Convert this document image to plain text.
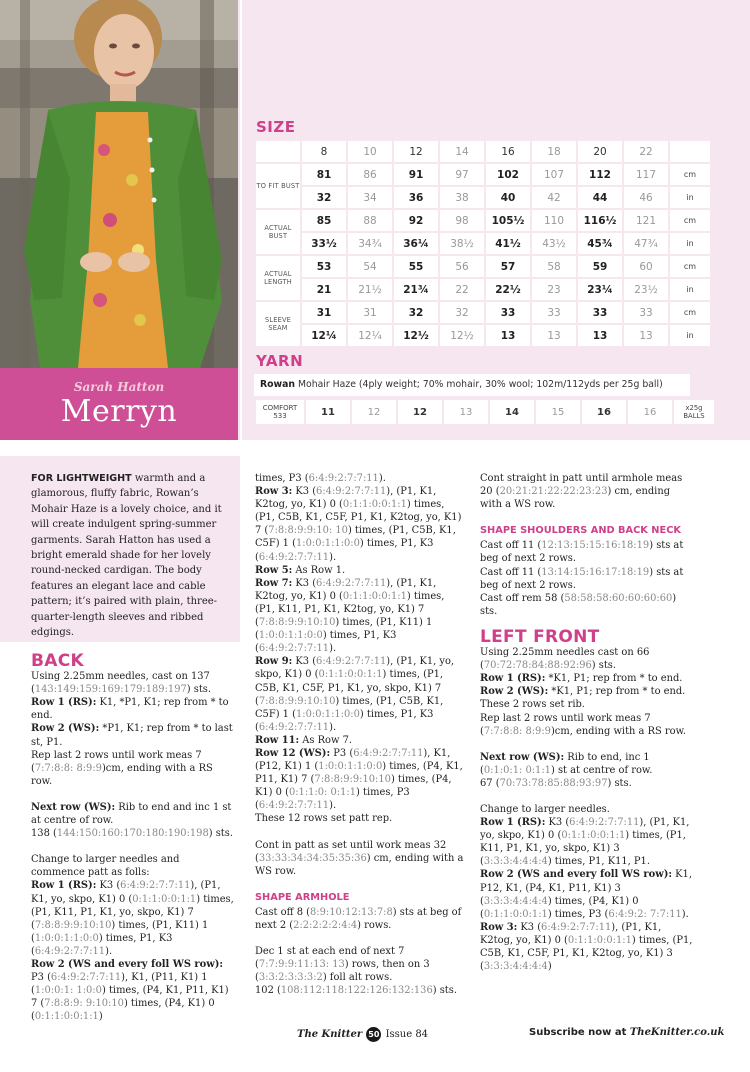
Sarah Hatton
Merryn
SIZE
	8	10	12	14	16	18	20	22	
TO FIT BUST	81	86	91	97	102	107	112	117	cm
	32	34	36	38	40	42	44	46	in
ACTUAL BUST	85	88	92	98	105½	110	116½	121	cm
	33½	34¾	36¼	38½	41½	43½	45¾	47¾	in
ACTUAL LENGTH	53	54	55	56	57	58	59	60	cm
	21	21½	21¾	22	22½	23	23¼	23½	in
SLEEVE SEAM	31	31	32	32	33	33	33	33	cm
	12¼	12¼	12½	12½	13	13	13	13	in
YARN
Rowan Mohair Haze (4ply weight; 70% mohair, 30% wool; 102m/112yds per 25g ball)
COMFORT 533	11	12	12	13	14	15	16	16	x25g BALLS
FOR LIGHTWEIGHT warmth and a glamorous, fluffy fabric, Rowan’s Mohair Haze is a lovely choice, and it will create indulgent spring-summer garments. Sarah Hatton has used a bright emerald shade for her lovely round-necked cardigan. The body features an elegant lace and cable pattern; it’s paired with plain, three-quarter-length sleeves and ribbed edgings.
BACK

Using 2.25mm needles, cast on 137 (143:149:159:169:179:189:197) sts.

Row 1 (RS): K1, *P1, K1; rep from * to end.

Row 2 (WS): *P1, K1; rep from * to last st, P1.

Rep last 2 rows until work meas 7 (7:7:8:8: 8:9:9)cm, ending with a RS row.

Next row (WS): Rib to end and inc 1 st at centre of row.

138 (144:150:160:170:180:190:198) sts.

Change to larger needles and commence patt as folls:

Row 1 (RS): K3 (6:4:9:2:7:7:11), (P1, K1, yo, skpo, K1) 0 (0:1:1:0:0:1:1) times, (P1, K11, P1, K1, yo, skpo, K1) 7 (7:8:8:9:9:10:10) times, (P1, K11) 1 (1:0:0:1:1:0:0) times, P1, K3 (6:4:9:2:7:7:11).

Row 2 (WS and every foll WS row): P3 (6:4:9:2:7:7:11), K1, (P11, K1) 1 (1:0:0:1: 1:0:0) times, (P4, K1, P11, K1) 7 (7:8:8:9: 9:10:10) times, (P4, K1) 0 (0:1:1:0:0:1:1)

times, P3 (6:4:9:2:7:7:11).

Row 3: K3 (6:4:9:2:7:7:11), (P1, K1, K2tog, yo, K1) 0 (0:1:1:0:0:1:1) times, (P1, C5B, K1, C5F, P1, K1, K2tog, yo, K1) 7 (7:8:8:9:9:10: 10) times, (P1, C5B, K1, C5F) 1 (1:0:0:1:1:0:0) times, P1, K3 (6:4:9:2:7:7:11).

Row 5: As Row 1.

Row 7: K3 (6:4:9:2:7:7:11), (P1, K1, K2tog, yo, K1) 0 (0:1:1:0:0:1:1) times, (P1, K11, P1, K1, K2tog, yo, K1) 7 (7:8:8:9:9:10:10) times, (P1, K11) 1 (1:0:0:1:1:0:0) times, P1, K3 (6:4:9:2:7:7:11).

Row 9: K3 (6:4:9:2:7:7:11), (P1, K1, yo, skpo, K1) 0 (0:1:1:0:0:1:1) times, (P1, C5B, K1, C5F, P1, K1, yo, skpo, K1) 7 (7:8:8:9:9:10:10) times, (P1, C5B, K1, C5F) 1 (1:0:0:1:1:0:0) times, P1, K3 (6:4:9:2:7:7:11).

Row 11: As Row 7.

Row 12 (WS): P3 (6:4:9:2:7:7:11), K1, (P12, K1) 1 (1:0:0:1:1:0:0) times, (P4, K1, P11, K1) 7 (7:8:8:9:9:10:10) times, (P4, K1) 0 (0:1:1:0: 0:1:1) times, P3 (6:4:9:2:7:7:11).

These 12 rows set patt rep.

Cont in patt as set until work meas 32 (33:33:34:34:35:35:36) cm, ending with a WS row.

SHAPE ARMHOLE

Cast off 8 (8:9:10:12:13:7:8) sts at beg of next 2 (2:2:2:2:2:4:4) rows.

Dec 1 st at each end of next 7 (7:7:9:9:11:13: 13) rows, then on 3 (3:3:2:3:3:3:2) foll alt rows.

102 (108:112:118:122:126:132:136) sts.

Cont straight in patt until armhole meas 20 (20:21:21:22:22:23:23) cm, ending with a WS row.

SHAPE SHOULDERS AND BACK NECK

Cast off 11 (12:13:15:15:16:18:19) sts at beg of next 2 rows.

Cast off 11 (13:14:15:16:17:18:19) sts at beg of next 2 rows.

Cast off rem 58 (58:58:58:60:60:60:60) sts.

LEFT FRONT

Using 2.25mm needles cast on 66 (70:72:78:84:88:92:96) sts.

Row 1 (RS): *K1, P1; rep from * to end.

Row 2 (WS): *K1, P1; rep from * to end.

These 2 rows set rib.

Rep last 2 rows until work meas 7 (7:7:8:8: 8:9:9)cm, ending with a RS row.

Next row (WS): Rib to end, inc 1 (0:1:0:1: 0:1:1) st at centre of row.
67 (70:73:78:85:88:93:97) sts.

Change to larger needles.

Row 1 (RS): K3 (6:4:9:2:7:7:11), (P1, K1, yo, skpo, K1) 0 (0:1:1:0:0:1:1) times, (P1, K11, P1, K1, yo, skpo, K1) 3 (3:3:3:4:4:4:4) times, P1, K11, P1.

Row 2 (WS and every foll WS row): K1, P12, K1, (P4, K1, P11, K1) 3 (3:3:3:4:4:4:4) times, (P4, K1) 0 (0:1:1:0:0:1:1) times, P3 (6:4:9:2: 7:7:11).

Row 3: K3 (6:4:9:2:7:7:11), (P1, K1, K2tog, yo, K1) 0 (0:1:1:0:0:1:1) times, (P1, C5B, K1, C5F, P1, K1, K2tog, yo, K1) 3 (3:3:3:4:4:4:4)

The Knitter 50 Issue 84	Subscribe now at TheKnitter.co.uk
